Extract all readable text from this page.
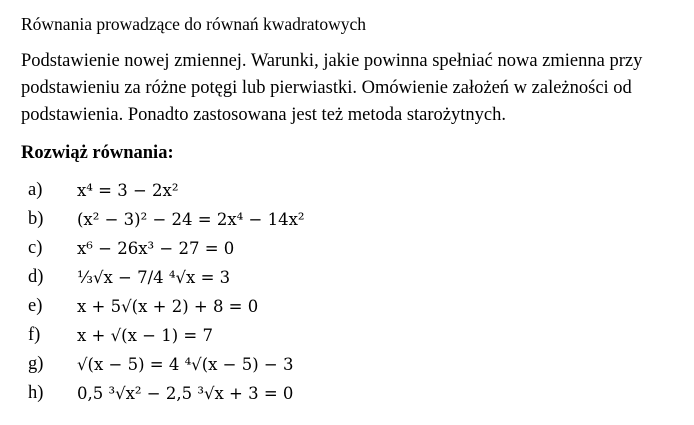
Równania prowadzące do równań kwadratowych

Podstawienie nowej zmiennej. Warunki, jakie powinna spełniać nowa zmienna przy podstawieniu za różne potęgi lub pierwiastki. Omówienie założeń w zależności od podstawienia. Ponadto zastosowana jest też metoda starożytnych.

Rozwiąż równania:

a)	x⁴ = 3 − 2x²
b)	(x² − 3)² − 24 = 2x⁴ − 14x²
c)	x⁶ − 26x³ − 27 = 0
d)	⅓√x − 7/4 ⁴√x = 3
e)	x + 5√(x + 2) + 8 = 0
f)	x + √(x − 1) = 7
g)	√(x − 5) = 4 ⁴√(x − 5) − 3
h)	0,5 ³√x² − 2,5 ³√x + 3 = 0
